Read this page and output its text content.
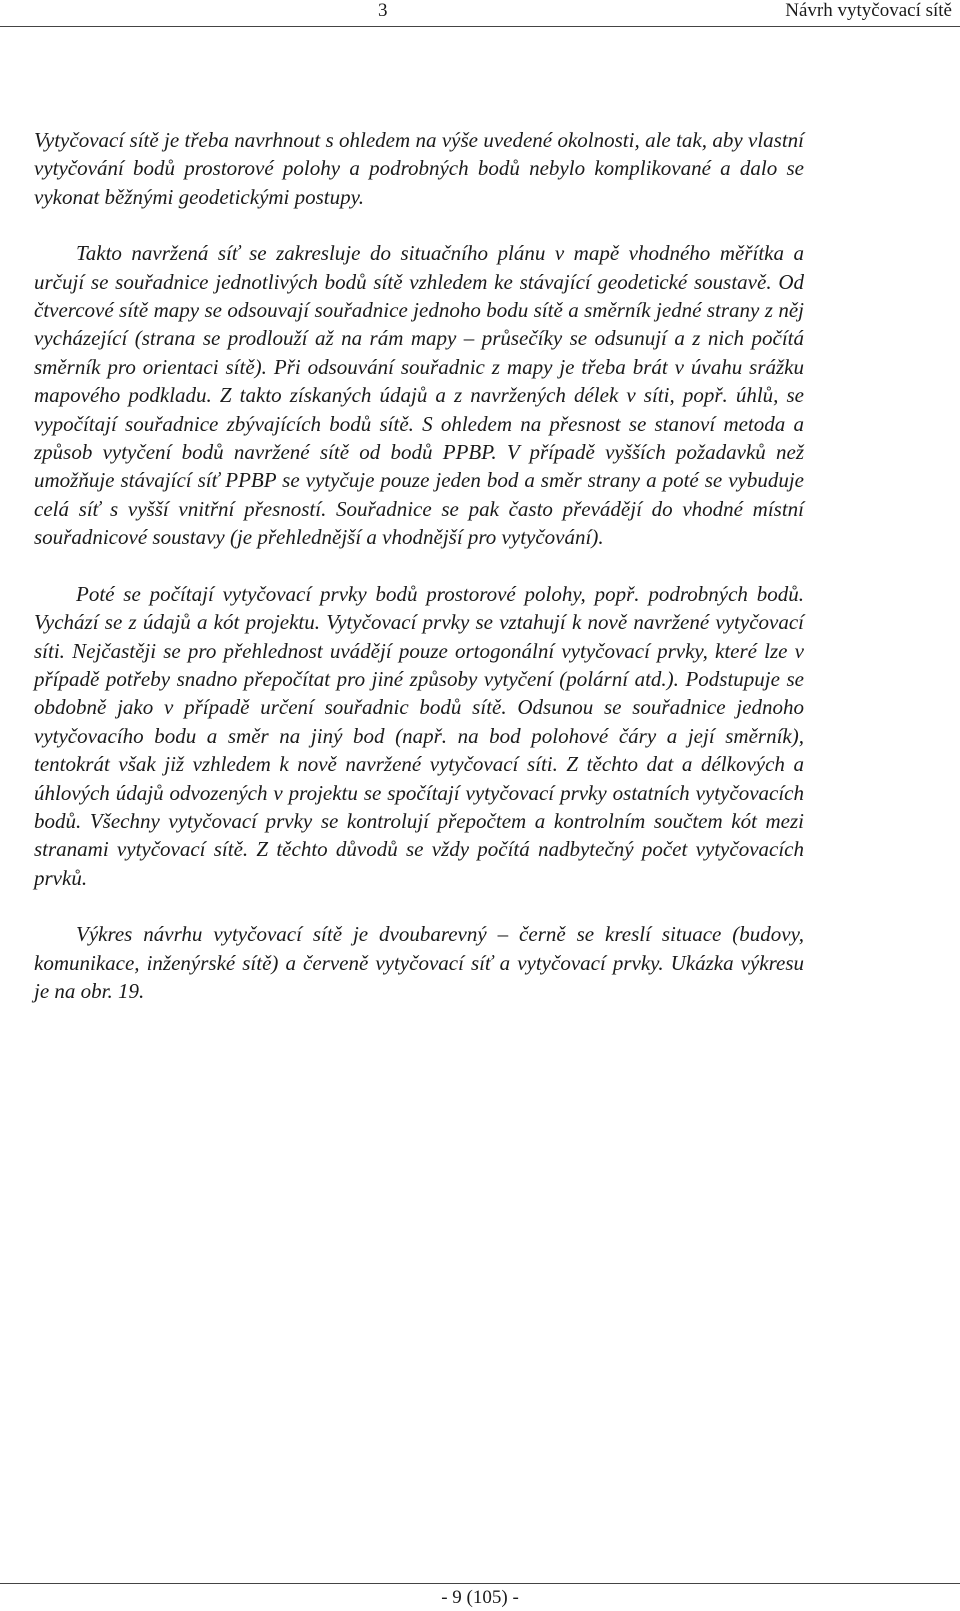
3	Návrh vytyčovací sítě

Vytyčovací sítě je třeba navrhnout s ohledem na výše uvedené okolnosti, ale tak, aby vlastní vytyčování bodů prostorové polohy a podrobných bodů nebylo komplikované a dalo se vykonat běžnými geodetickými postupy.

Takto navržená síť se zakresluje do situačního plánu v mapě vhodného měřítka a určují se souřadnice jednotlivých bodů sítě vzhledem ke stávající geodetické soustavě. Od čtvercové sítě mapy se odsouvají souřadnice jednoho bodu sítě a směrník jedné strany z něj vycházející (strana se prodlouží až na rám mapy – průsečíky se odsunují a z nich počítá směrník pro orientaci sítě). Při odsouvání souřadnic z mapy je třeba brát v úvahu srážku mapového podkladu. Z takto získaných údajů a z navržených délek v síti, popř. úhlů, se vypočítají souřadnice zbývajících bodů sítě. S ohledem na přesnost se stanoví metoda a způsob vytyčení bodů navržené sítě od bodů PPBP. V případě vyšších požadavků než umožňuje stávající síť PPBP se vytyčuje pouze jeden bod a směr strany a poté se vybuduje celá síť s vyšší vnitřní přesností. Souřadnice se pak často převádějí do vhodné místní souřadnicové soustavy (je přehlednější a vhodnější pro vytyčování).

Poté se počítají vytyčovací prvky bodů prostorové polohy, popř. podrobných bodů. Vychází se z údajů a kót projektu. Vytyčovací prvky se vztahují k nově navržené vytyčovací síti. Nejčastěji se pro přehlednost uvádějí pouze ortogonální vytyčovací prvky, které lze v případě potřeby snadno přepočítat pro jiné způsoby vytyčení (polární atd.). Podstupuje se obdobně jako v případě určení souřadnic bodů sítě. Odsunou se souřadnice jednoho vytyčovacího bodu a směr na jiný bod (např. na bod polohové čáry a její směrník), tentokrát však již vzhledem k nově navržené vytyčovací síti. Z těchto dat a délkových a úhlových údajů odvozených v projektu se spočítají vytyčovací prvky ostatních vytyčovacích bodů. Všechny vytyčovací prvky se kontrolují přepočtem a kontrolním součtem kót mezi stranami vytyčovací sítě. Z těchto důvodů se vždy počítá nadbytečný počet vytyčovacích prvků.

Výkres návrhu vytyčovací sítě je dvoubarevný – černě se kreslí situace (budovy, komunikace, inženýrské sítě) a červeně vytyčovací síť a vytyčovací prvky. Ukázka výkresu je na obr. 19.

- 9 (105) -
